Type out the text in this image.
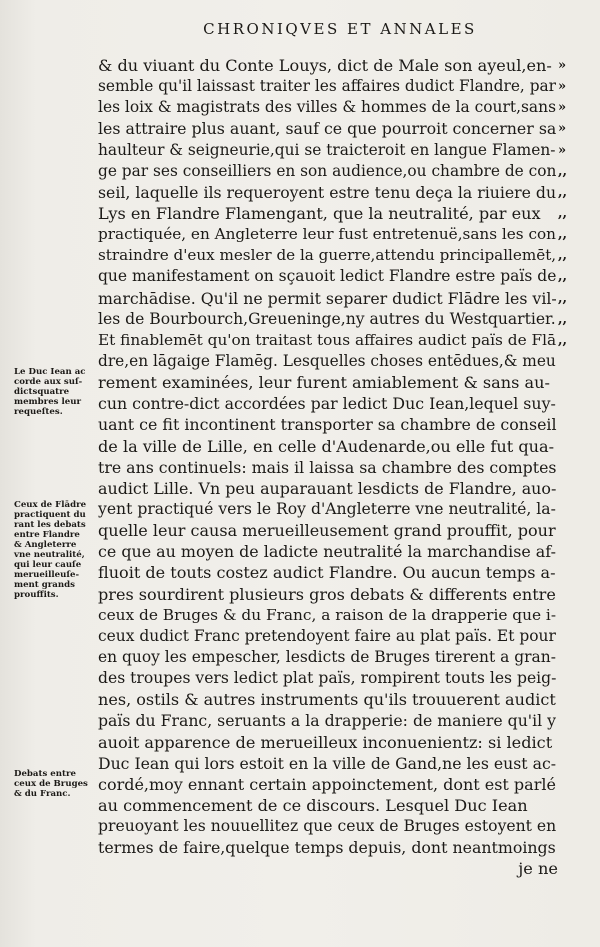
CHRONIQVES ET ANNALES
& du viuant du Conte Louys, dict de Male son ayeul,en-
semble qu'il laissast traiter les affaires dudict Flandre, par
les loix & magistrats des villes & hommes de la court,sans
les attraire plus auant, sauf ce que pourroit concerner sa
haulteur & seigneurie,qui se traicteroit en langue Flamen-
ge par ses conseilliers en son audience,ou chambre de con
seil, laquelle ils requeroyent estre tenu deça la riuiere du
Lys en Flandre Flamengant, que la neutralité, par eux
practiquée, en Angleterre leur fust entretenuë,sans les con
straindre d'eux mesler de la guerre,attendu principallemēt,
que manifestament on sçauoit ledict Flandre estre païs de
marchādise. Qu'il ne permit separer dudict Flādre les vil-
les de Bourbourch,Greueninge,ny autres du Westquartier.
Et finablemēt qu'on traitast tous affaires audict païs de Flā
dre,en lāgaige Flamēg. Lesquelles choses entēdues,& meu
rement examinées, leur furent amiablement & sans au-
cun contre-dict accordées par ledict Duc Iean,lequel suy-
uant ce fit incontinent transporter sa chambre de conseil
de la ville de Lille, en celle d'Audenarde,ou elle fut qua-
tre ans continuels: mais il laissa sa chambre des comptes
audict Lille. Vn peu auparauant lesdicts de Flandre, auo-
yent practiqué vers le Roy d'Angleterre vne neutralité, la-
quelle leur causa merueilleusement grand prouffit, pour
ce que au moyen de ladicte neutralité la marchandise af-
fluoit de touts costez audict Flandre. Ou aucun temps a-
pres sourdirent plusieurs gros debats & differents entre
ceux de Bruges & du Franc, a raison de la drapperie que i-
ceux dudict Franc pretendoyent faire au plat païs. Et pour
en quoy les empescher, lesdicts de Bruges tirerent a gran-
des troupes vers ledict plat païs, rompirent touts les peig-
nes, ostils & autres instruments qu'ils trouuerent audict
païs du Franc, seruants a la drapperie: de maniere qu'il y
auoit apparence de merueilleux inconuenientz: si ledict
Duc Iean qui lors estoit en la ville de Gand,ne les eust ac-
cordé,moy ennant certain appoinctement, dont est parlé
au commencement de ce discours. Lesquel Duc Iean
preuoyant les nouuellitez que ceux de Bruges estoyent en
termes de faire,quelque temps depuis, dont neantmoings
je ne
»
»
»
»
»
,,
,,
,,
,,
,,
,,
,,
,,
,,
Le Duc Iean ac
corde aux suſ-
dictsquatre
membres leur
requeſtes.
Ceux de Flādre
practiquent du
rant les debats
entre Flandre
& Angleterre
vne neutralité,
qui leur cauſe
merueilleuſe-
ment grands
prouffits.
Debats entre
ceux de Bruges
& du Franc.
